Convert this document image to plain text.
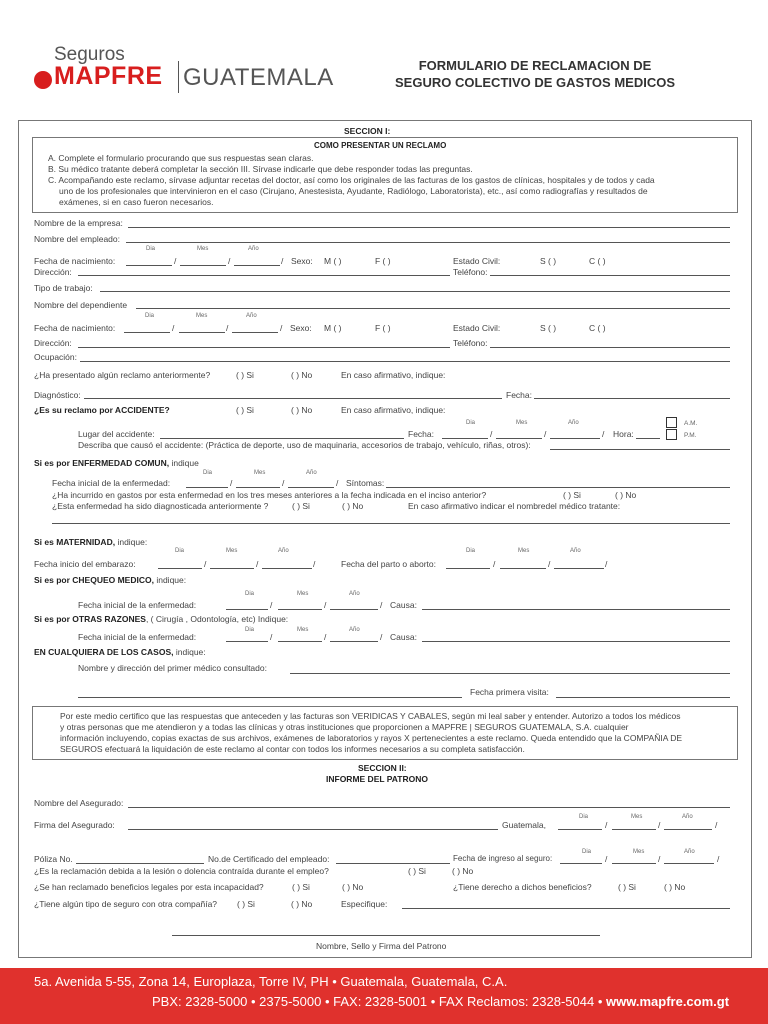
Seguros
MAPFRE GUATEMALA	FORMULARIO DE RECLAMACION DE
SEGURO COLECTIVO DE GASTOS MEDICOS
SECCION I:
COMO PRESENTAR UN RECLAMO
A. Complete el formulario procurando que sus respuestas sean claras.
B. Su médico tratante deberá completar la sección III. Sírvase indicarle que debe responder todas las preguntas.
C. Acompañando este reclamo, sírvase adjuntar recetas del doctor, así como los originales de las facturas de los gastos de clínicas, hospitales y de todos y cada
uno de los profesionales que intervinieron en el caso (Cirujano, Anestesista, Ayudante, Radiólogo, Laboratorista), etc., así como radiografías y resultados de
exámenes, si en caso fueron necesarios.
Nombre de la empresa:
Nombre del empleado:
Dia	Mes	Año
Fecha de nacimiento:	/	/	/ Sexo: M ( )	F ( )	Estado Civil:	S ( )	C ( )
Dirección:	Teléfono:
Tipo de trabajo:
Nombre del dependiente
Dia	Mes	Año
Fecha de nacimiento:	/	/	/ Sexo: M ( )	F ( )	Estado Civil:	S ( )	C ( )
Dirección:	Teléfono:
Ocupación:
¿Ha presentado algún reclamo anteriormente?	( ) Si	( ) No	En caso afirmativo, indique:
Diagnóstico:	Fecha:
¿Es su reclamo por ACCIDENTE?	( ) Si	( ) No	En caso afirmativo, indique:
Dia	Mes	Año	A.M.
P.M.
Lugar del accidente:	Fecha:	/	/	/ Hora:
Describa que causó el accidente: (Práctica de deporte, uso de maquinaria, accesorios de trabajo, vehículo, riñas, otros):
Si es por ENFERMEDAD COMUN, indique
Dia	Mes	Año
Fecha inicial de la enfermedad:	/	/	/ Síntomas:
¿Ha incurrido en gastos por esta enfermedad en los tres meses anteriores a la fecha indicada en el inciso anterior?	( ) Si	( ) No
¿Esta enfermedad ha sido diagnosticada anteriormente ?	( ) Si	( ) No	En caso afirmativo indicar el nombredel médico tratante:
Si es MATERNIDAD, indique:
Dia	Mes	Año	Dia	Mes	Año
Fecha inicio del embarazo:	/	/	/	Fecha del parto o aborto:	/	/	/
Si es por CHEQUEO MEDICO, indique:
Dia	Mes	Año
Fecha inicial de la enfermedad:	/	/	/ Causa:
Si es por OTRAS RAZONES, ( Cirugía , Odontología, etc) Indique:
Dia	Mes	Año
Fecha inicial de la enfermedad:	/	/	/ Causa:
EN CUALQUIERA DE LOS CASOS, indique:
Nombre y dirección del primer médico consultado:
Fecha primera visita:
Por este medio certifico que las respuestas que anteceden y las facturas son VERIDICAS Y CABALES, según mi leal saber y entender. Autorizo a todos los médicos
y otras personas que me atendieron y a todas las clínicas y otras instituciones que proporcionen a MAPFRE | SEGUROS GUATEMALA, S.A. cualquier
información incluyendo, copias exactas de sus archivos, exámenes de laboratorios y rayos X pertenecientes a este reclamo. Queda entendido que la COMPAÑIA DE
SEGUROS efectuará la liquidación de este reclamo al contar con todos los informes necesarios a su completa satisfacción.
SECCION II:
INFORME DEL PATRONO
Nombre del Asegurado:
Dia	Mes	Año
Firma del Asegurado:	Guatemala,	/	/	/
Dia	Mes	Año
Póliza No.	No.de Certificado del empleado:	Fecha de ingreso al seguro:	/	/	/
¿Es la reclamación debida a la lesión o dolencia contraída durante el empleo?	( ) Si	( ) No
¿Se han reclamado beneficios legales por esta incapacidad?	( ) Si	( ) No	¿Tiene derecho a dichos beneficios?	( ) Si	( ) No
¿Tiene algún tipo de seguro con otra compañía? ( ) Si	( ) No	Especifique:
Nombre, Sello y Firma del Patrono
5a. Avenida 5-55, Zona 14, Europlaza, Torre IV, PH • Guatemala, Guatemala, C.A.
PBX: 2328-5000 • 2375-5000 • FAX: 2328-5001 • FAX Reclamos: 2328-5044 • www.mapfre.com.gt
